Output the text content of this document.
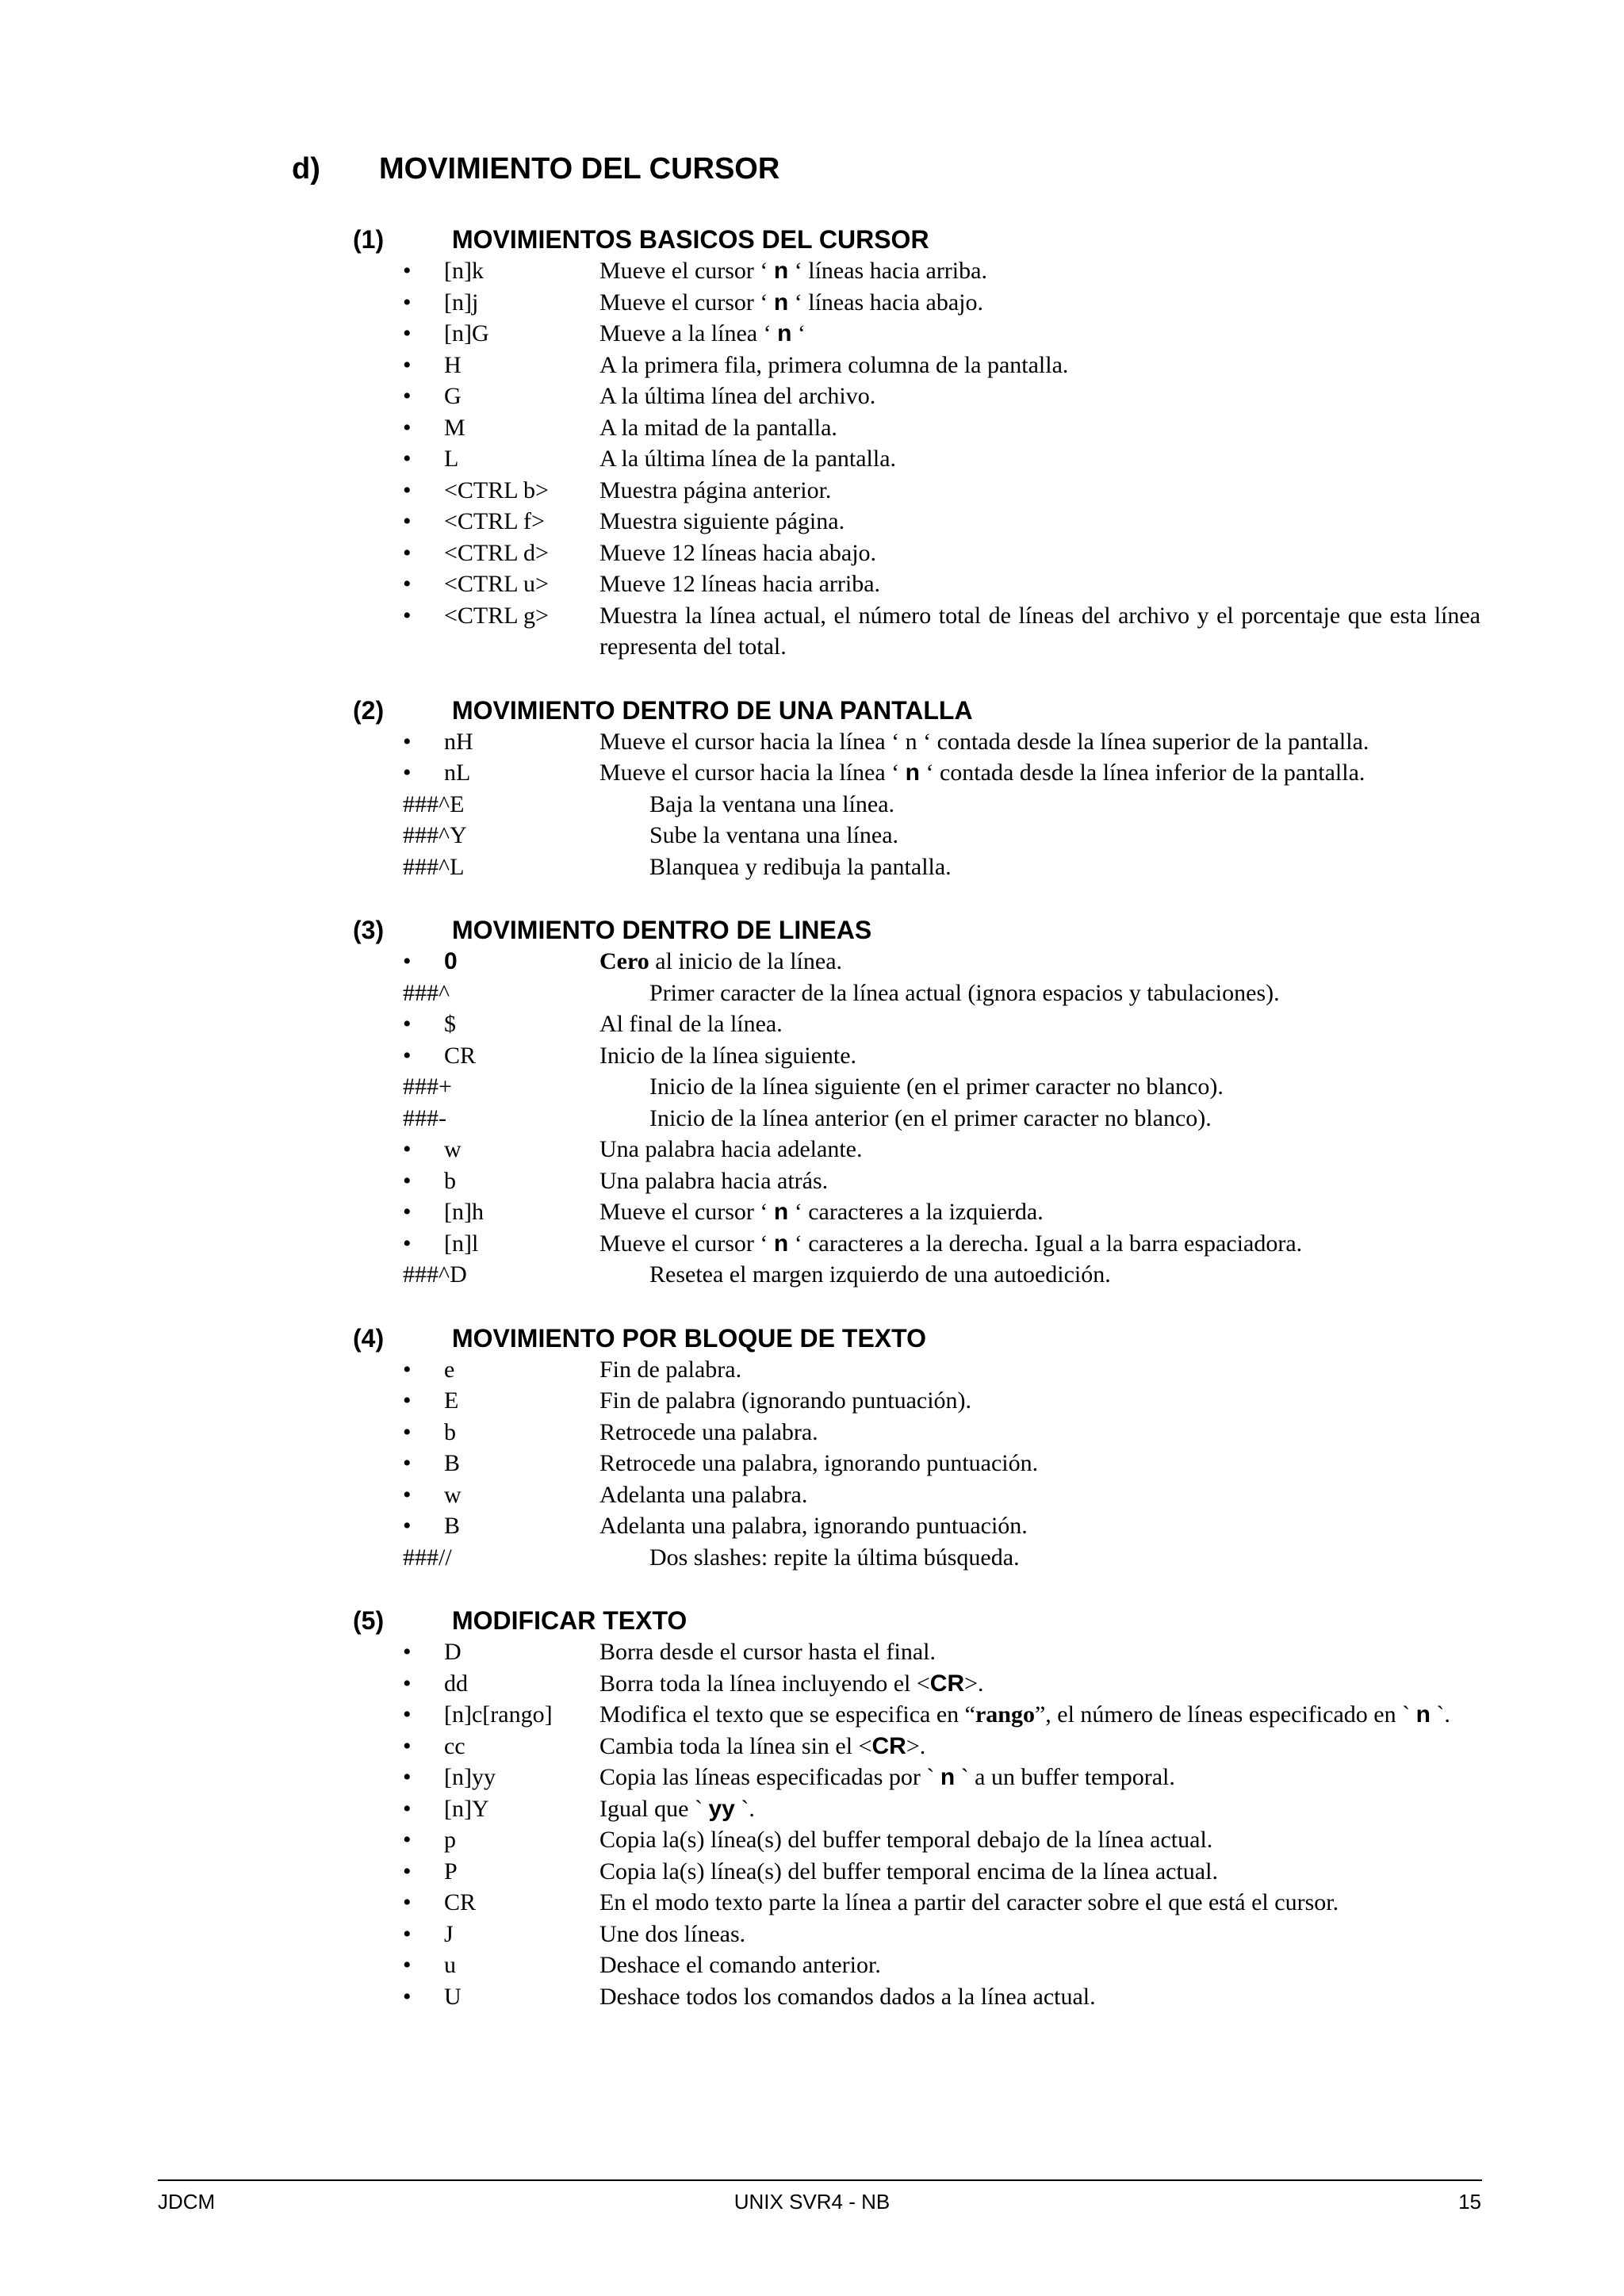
d) MOVIMIENTO DEL CURSOR
(1)	MOVIMIENTOS BASICOS DEL CURSOR
•	[n]k	Mueve el cursor ‘ n ‘ líneas hacia arriba.
•	[n]j	Mueve el cursor ‘ n ‘ líneas hacia abajo.
•	[n]G	Mueve a la línea ‘ n ‘
•	H	A la primera fila, primera columna de la pantalla.
•	G	A la última línea del archivo.
•	M	A la mitad de la pantalla.
•	L	A la última línea de la pantalla.
•	<CTRL b>	Muestra página anterior.
•	<CTRL f>	Muestra siguiente página.
•	<CTRL d>	Mueve 12 líneas hacia abajo.
•	<CTRL u>	Mueve 12 líneas hacia arriba.
•	<CTRL g>	Muestra la línea actual, el número total de líneas del archivo y el porcentaje que esta línea representa del total.
(2)	MOVIMIENTO DENTRO DE UNA PANTALLA
•	nH	Mueve el cursor hacia la línea ‘ n ‘ contada desde la línea superior de la pantalla.
•	nL	Mueve el cursor hacia la línea ‘ n ‘ contada desde la línea inferior de la pantalla.
###^E	Baja la ventana una línea.
###^Y	Sube la ventana una línea.
###^L	Blanquea y redibuja la pantalla.
(3)	MOVIMIENTO DENTRO DE LINEAS
•	0	Cero al inicio de la línea.
###^	Primer caracter de la línea actual (ignora espacios y tabulaciones).
•	$	Al final de la línea.
•	CR	Inicio de la línea siguiente.
###+	Inicio de la línea siguiente (en el primer caracter no blanco).
###-	Inicio de la línea anterior (en el primer caracter no blanco).
•	w	Una palabra hacia adelante.
•	b	Una palabra hacia atrás.
•	[n]h	Mueve el cursor ‘ n ‘ caracteres a la izquierda.
•	[n]l	Mueve el cursor ‘ n ‘ caracteres a la derecha. Igual a la barra espaciadora.
###^D	Resetea el margen izquierdo de una autoedición.
(4)	MOVIMIENTO POR BLOQUE DE TEXTO
•	e	Fin de palabra.
•	E	Fin de palabra (ignorando puntuación).
•	b	Retrocede una palabra.
•	B	Retrocede una palabra, ignorando puntuación.
•	w	Adelanta una palabra.
•	B	Adelanta una palabra, ignorando puntuación.
###//	Dos slashes: repite la última búsqueda.
(5)	MODIFICAR TEXTO
•	D	Borra desde el cursor hasta el final.
•	dd	Borra toda la línea incluyendo el <CR>.
•	[n]c[rango]	Modifica el texto que se especifica en “rango”, el número de líneas especificado en ` n `.
•	cc	Cambia toda la línea sin el <CR>.
•	[n]yy	Copia las líneas especificadas por ` n ` a un buffer temporal.
•	[n]Y	Igual que ` yy `.
•	p	Copia la(s) línea(s) del buffer temporal debajo de la línea actual.
•	P	Copia la(s) línea(s) del buffer temporal encima de la línea actual.
•	CR	En el modo texto parte la línea a partir del caracter sobre el que está el cursor.
•	J	Une dos líneas.
•	u	Deshace el comando anterior.
•	U	Deshace todos los comandos dados a la línea actual.
JDCM	UNIX SVR4 - NB	15
